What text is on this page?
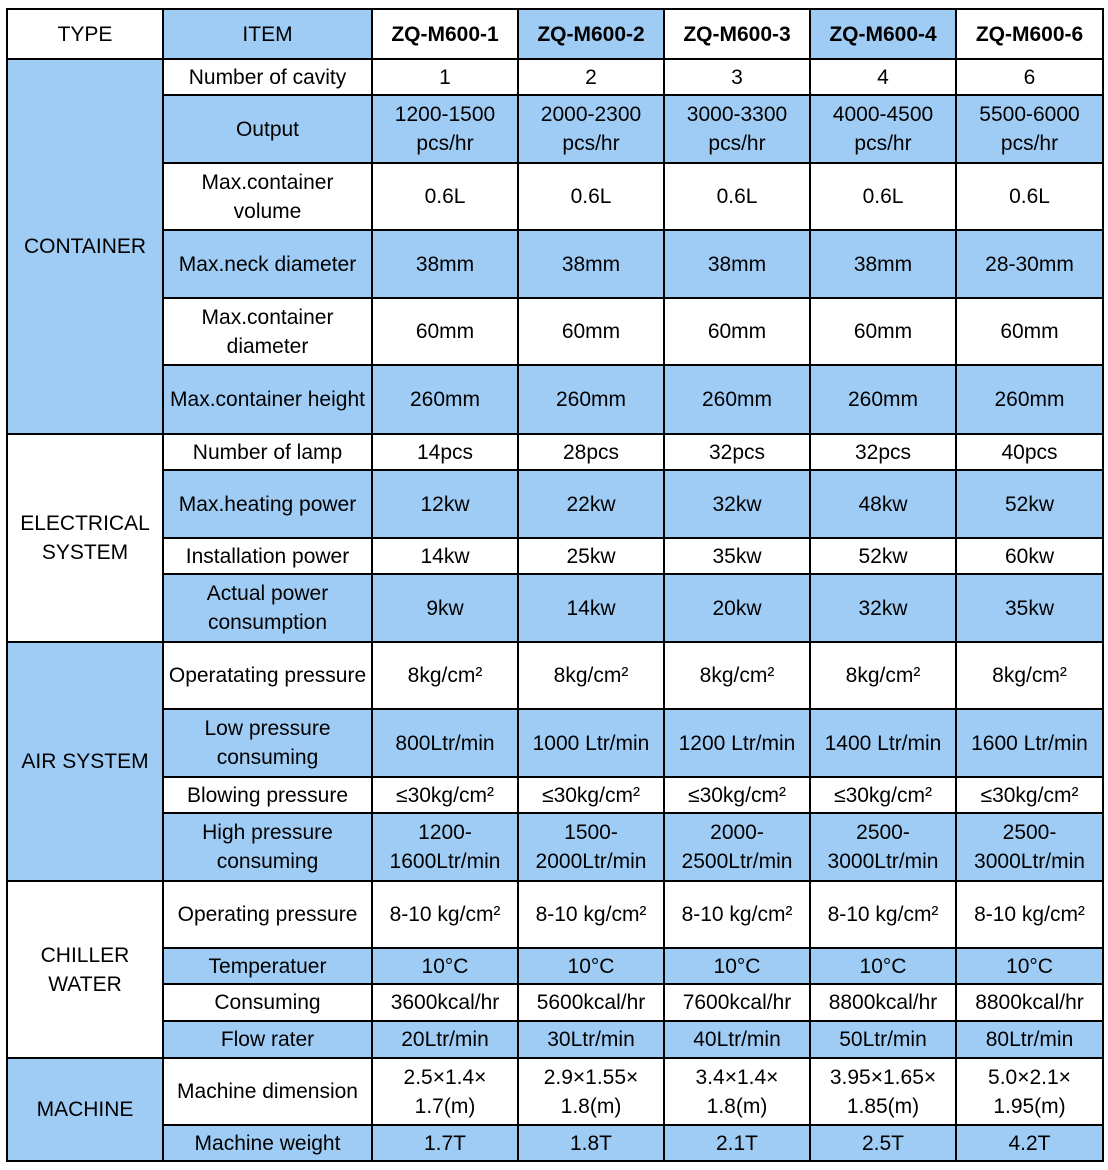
TYPE	ITEM	ZQ-M600-1	ZQ-M600-2	ZQ-M600-3	ZQ-M600-4	ZQ-M600-6
CONTAINER	Number of cavity	1	2	3	4	6
	Output	1200-1500 pcs/hr	2000-2300 pcs/hr	3000-3300 pcs/hr	4000-4500 pcs/hr	5500-6000 pcs/hr
	Max.container volume	0.6L	0.6L	0.6L	0.6L	0.6L
	Max.neck diameter	38mm	38mm	38mm	38mm	28-30mm
	Max.container diameter	60mm	60mm	60mm	60mm	60mm
	Max.container height	260mm	260mm	260mm	260mm	260mm
ELECTRICAL SYSTEM	Number of lamp	14pcs	28pcs	32pcs	32pcs	40pcs
	Max.heating power	12kw	22kw	32kw	48kw	52kw
	Installation power	14kw	25kw	35kw	52kw	60kw
	Actual power consumption	9kw	14kw	20kw	32kw	35kw
AIR SYSTEM	Operatating pressure	8kg/cm²	8kg/cm²	8kg/cm²	8kg/cm²	8kg/cm²
	Low pressure consuming	800Ltr/min	1000 Ltr/min	1200 Ltr/min	1400 Ltr/min	1600 Ltr/min
	Blowing pressure	≤30kg/cm²	≤30kg/cm²	≤30kg/cm²	≤30kg/cm²	≤30kg/cm²
	High pressure consuming	1200-1600Ltr/min	1500-2000Ltr/min	2000-2500Ltr/min	2500-3000Ltr/min	2500-3000Ltr/min
CHILLER WATER	Operating pressure	8-10 kg/cm²	8-10 kg/cm²	8-10 kg/cm²	8-10 kg/cm²	8-10 kg/cm²
	Temperatuer	10°C	10°C	10°C	10°C	10°C
	Consuming	3600kcal/hr	5600kcal/hr	7600kcal/hr	8800kcal/hr	8800kcal/hr
	Flow rater	20Ltr/min	30Ltr/min	40Ltr/min	50Ltr/min	80Ltr/min
MACHINE	Machine dimension	2.5×1.4× 1.7(m)	2.9×1.55× 1.8(m)	3.4×1.4× 1.8(m)	3.95×1.65× 1.85(m)	5.0×2.1× 1.95(m)
	Machine weight	1.7T	1.8T	2.1T	2.5T	4.2T
